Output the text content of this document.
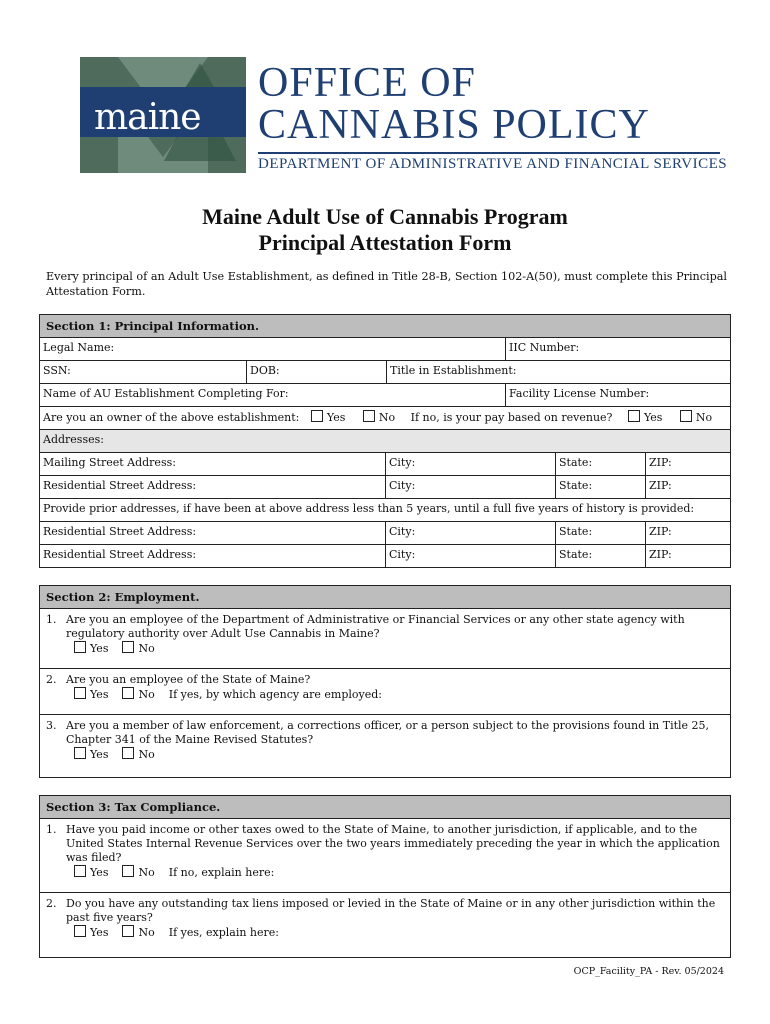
maine
OFFICE OF
CANNABIS POLICY
DEPARTMENT OF ADMINISTRATIVE AND FINANCIAL SERVICES
Maine Adult Use of Cannabis Program
Principal Attestation Form
Every principal of an Adult Use Establishment, as defined in Title 28-B, Section 102-A(50), must complete this Principal Attestation Form.
Section 1: Principal Information.
Legal Name:	IIC Number:
SSN:	DOB:	Title in Establishment:
Name of AU Establishment Completing For:	Facility License Number:
Are you an owner of the above establishment:	Yes	No If no, is your pay based on revenue?	Yes	No
Addresses:
Mailing Street Address:	City:	State:	ZIP:
Residential Street Address:	City:	State:	ZIP:
Provide prior addresses, if have been at above address less than 5 years, until a full five years of history is provided:
Residential Street Address:	City:	State:	ZIP:
Residential Street Address:	City:	State:	ZIP:
Section 2: Employment.
1. Are you an employee of the Department of Administrative or Financial Services or any other state agency with regulatory authority over Adult Use Cannabis in Maine?
Yes	No
2. Are you an employee of the State of Maine?
Yes	No If yes, by which agency are employed:
3. Are you a member of law enforcement, a corrections officer, or a person subject to the provisions found in Title 25, Chapter 341 of the Maine Revised Statutes?
Yes	No
Section 3: Tax Compliance.
1. Have you paid income or other taxes owed to the State of Maine, to another jurisdiction, if applicable, and to the United States Internal Revenue Services over the two years immediately preceding the year in which the application was filed?
Yes	No If no, explain here:
2. Do you have any outstanding tax liens imposed or levied in the State of Maine or in any other jurisdiction within the past five years?
Yes	No If yes, explain here:
OCP_Facility_PA - Rev. 05/2024
